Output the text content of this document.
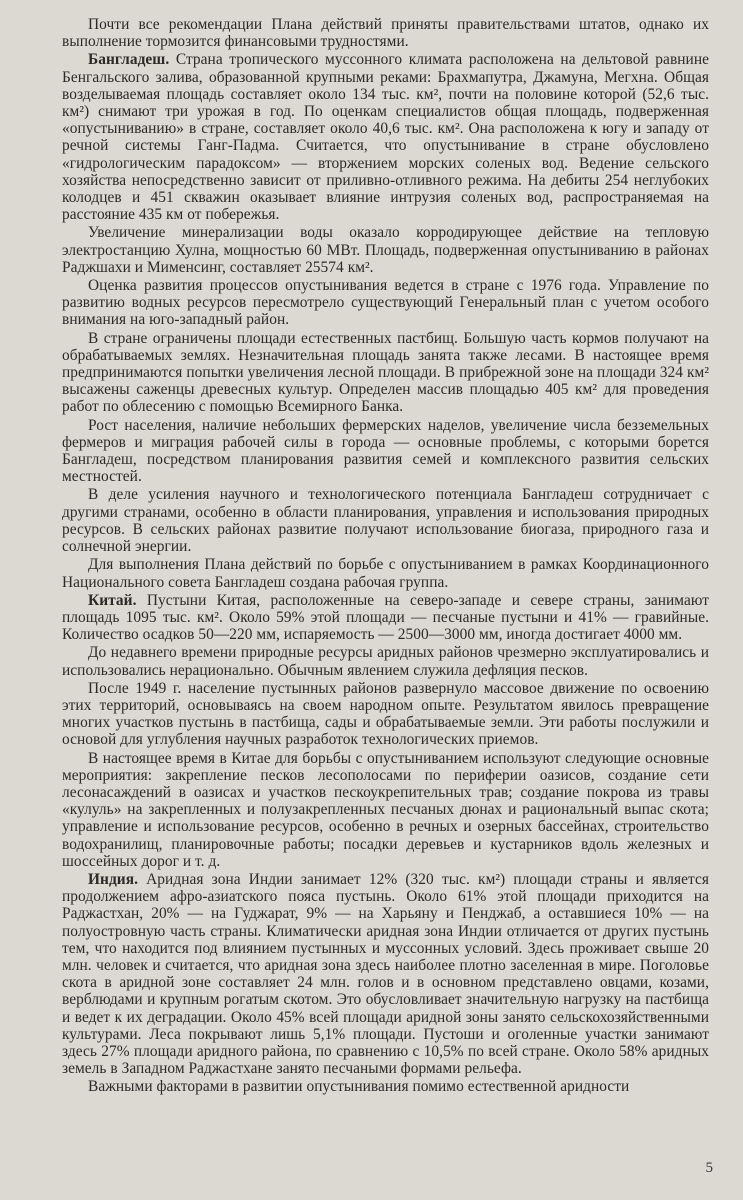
Почти все рекомендации Плана действий приняты правительствами штатов, однако их выполнение тормозится финансовыми трудностями.

Бангладеш. Страна тропического муссонного климата расположена на дельтовой равнине Бенгальского залива, образованной крупными реками: Брахмапутра, Джамуна, Мегхна. Общая возделываемая площадь составляет около 134 тыс. км², почти на половине которой (52,6 тыс. км²) снимают три урожая в год. По оценкам специалистов общая площадь, подверженная «опустыниванию» в стране, составляет около 40,6 тыс. км². Она расположена к югу и западу от речной системы Ганг-Падма. Считается, что опустынивание в стране обусловлено «гидрологическим парадоксом» — вторжением морских соленых вод. Ведение сельского хозяйства непосредственно зависит от приливно-отливного режима. На дебиты 254 неглубоких колодцев и 451 скважин оказывает влияние интрузия соленых вод, распространяемая на расстояние 435 км от побережья.

Увеличение минерализации воды оказало корродирующее действие на тепловую электростанцию Хулна, мощностью 60 МВт. Площадь, подверженная опустыниванию в районах Раджшахи и Мименсинг, составляет 25574 км².

Оценка развития процессов опустынивания ведется в стране с 1976 года. Управление по развитию водных ресурсов пересмотрело существующий Генеральный план с учетом особого внимания на юго-западный район.

В стране ограничены площади естественных пастбищ. Большую часть кормов получают на обрабатываемых землях. Незначительная площадь занята также лесами. В настоящее время предпринимаются попытки увеличения лесной площади. В прибрежной зоне на площади 324 км² высажены саженцы древесных культур. Определен массив площадью 405 км² для проведения работ по облесению с помощью Всемирного Банка.

Рост населения, наличие небольших фермерских наделов, увеличение числа безземельных фермеров и миграция рабочей силы в города — основные проблемы, с которыми борется Бангладеш, посредством планирования развития семей и комплексного развития сельских местностей.

В деле усиления научного и технологического потенциала Бангладеш сотрудничает с другими странами, особенно в области планирования, управления и использования природных ресурсов. В сельских районах развитие получают использование биогаза, природного газа и солнечной энергии.

Для выполнения Плана действий по борьбе с опустыниванием в рамках Координационного Национального совета Бангладеш создана рабочая группа.

Китай. Пустыни Китая, расположенные на северо-западе и севере страны, занимают площадь 1095 тыс. км². Около 59% этой площади — песчаные пустыни и 41% — гравийные. Количество осадков 50—220 мм, испаряемость — 2500—3000 мм, иногда достигает 4000 мм.

До недавнего времени природные ресурсы аридных районов чрезмерно эксплуатировались и использовались нерационально. Обычным явлением служила дефляция песков.

После 1949 г. население пустынных районов развернуло массовое движение по освоению этих территорий, основываясь на своем народном опыте. Результатом явилось превращение многих участков пустынь в пастбища, сады и обрабатываемые земли. Эти работы послужили и основой для углубления научных разработок технологических приемов.

В настоящее время в Китае для борьбы с опустыниванием используют следующие основные мероприятия: закрепление песков лесополосами по периферии оазисов, создание сети лесонасаждений в оазисах и участков пескоукрепительных трав; создание покрова из травы «кулуль» на закрепленных и полузакрепленных песчаных дюнах и рациональный выпас скота; управление и использование ресурсов, особенно в речных и озерных бассейнах, строительство водохранилищ, планировочные работы; посадки деревьев и кустарников вдоль железных и шоссейных дорог и т. д.

Индия. Аридная зона Индии занимает 12% (320 тыс. км²) площади страны и является продолжением афро-азиатского пояса пустынь. Около 61% этой площади приходится на Раджастхан, 20% — на Гуджарат, 9% — на Харьяну и Пенджаб, а оставшиеся 10% — на полуостровную часть страны. Климатически аридная зона Индии отличается от других пустынь тем, что находится под влиянием пустынных и муссонных условий. Здесь проживает свыше 20 млн. человек и считается, что аридная зона здесь наиболее плотно заселенная в мире. Поголовье скота в аридной зоне составляет 24 млн. голов и в основном представлено овцами, козами, верблюдами и крупным рогатым скотом. Это обусловливает значительную нагрузку на пастбища и ведет к их деградации. Около 45% всей площади аридной зоны занято сельскохозяйственными культурами. Леса покрывают лишь 5,1% площади. Пустоши и оголенные участки занимают здесь 27% площади аридного района, по сравнению с 10,5% по всей стране. Около 58% аридных земель в Западном Раджастхане занято песчаными формами рельефа.

Важными факторами в развитии опустынивания помимо естественной аридности

5
